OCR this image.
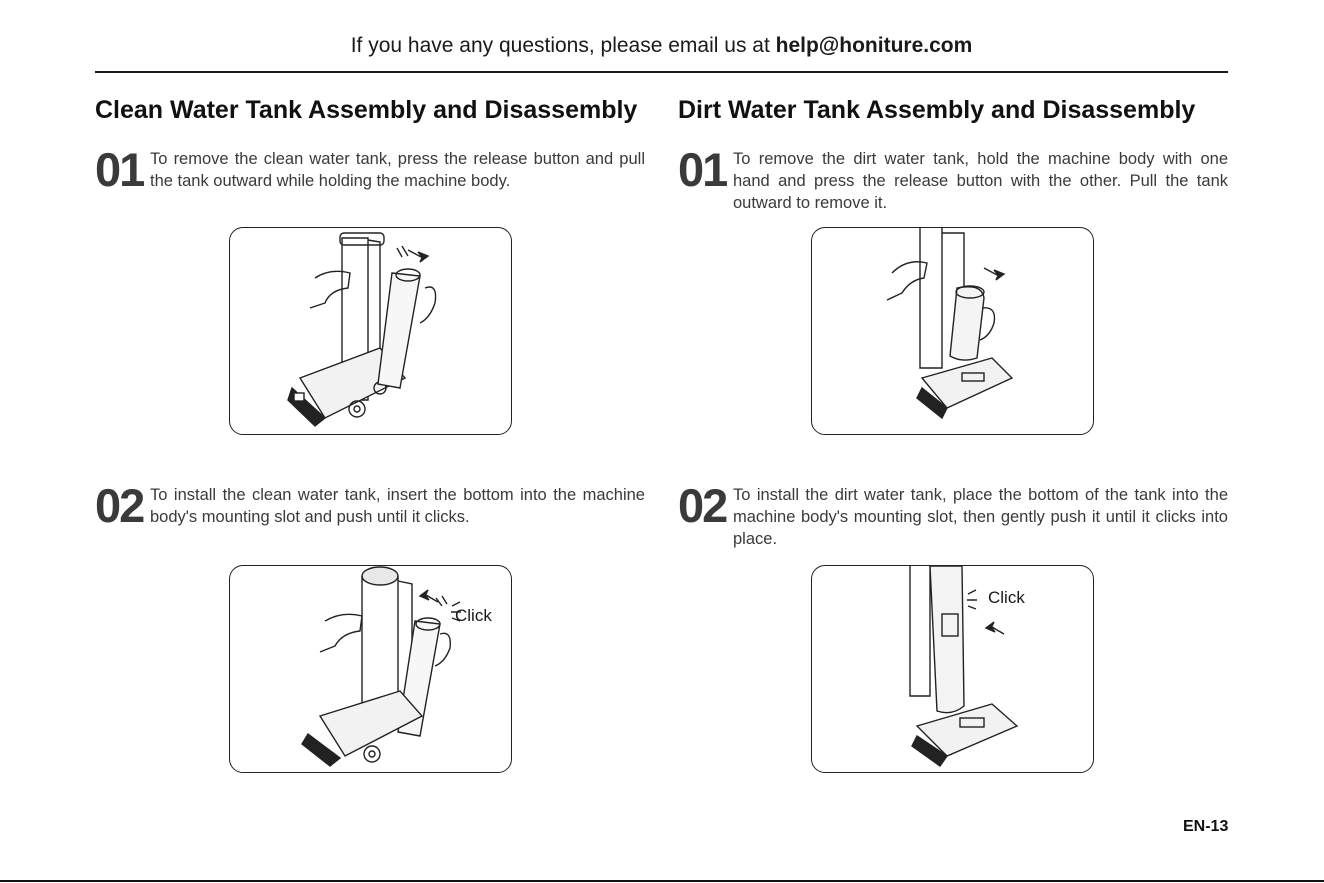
If you have any questions, please email us at help@honiture.com
Clean Water Tank Assembly and Disassembly Dirt Water Tank Assembly and Disassembly
01 To remove the clean water tank, press the release button and pull the tank outward while holding the machine body.	01 To remove the dirt water tank, hold the machine body with one hand and press the release button with the other. Pull the tank outward to remove it.
02 To install the clean water tank, insert the bottom into the machine body's mounting slot and push until it clicks.	02 To install the dirt water tank, place the bottom of the tank into the machine body's mounting slot, then gently push it until it clicks into place.
Click
Click
EN-13
